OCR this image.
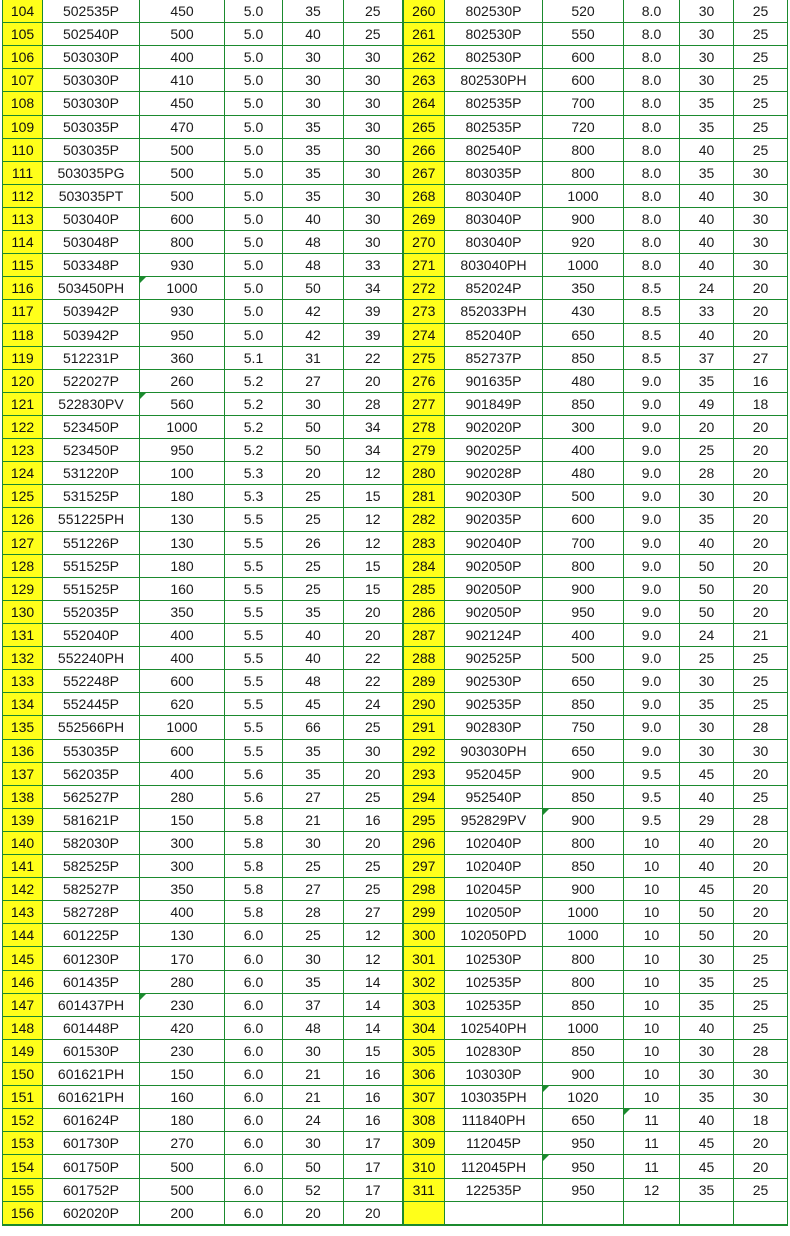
104	502535P	450	5.0	35	25	260	802530P	520	8.0	30	25
105	502540P	500	5.0	40	25	261	802530P	550	8.0	30	25
106	503030P	400	5.0	30	30	262	802530P	600	8.0	30	25
107	503030P	410	5.0	30	30	263	802530PH	600	8.0	30	25
108	503030P	450	5.0	30	30	264	802535P	700	8.0	35	25
109	503035P	470	5.0	35	30	265	802535P	720	8.0	35	25
110	503035P	500	5.0	35	30	266	802540P	800	8.0	40	25
111	503035PG	500	5.0	35	30	267	803035P	800	8.0	35	30
112	503035PT	500	5.0	35	30	268	803040P	1000	8.0	40	30
113	503040P	600	5.0	40	30	269	803040P	900	8.0	40	30
114	503048P	800	5.0	48	30	270	803040P	920	8.0	40	30
115	503348P	930	5.0	48	33	271	803040PH	1000	8.0	40	30
116	503450PH	1000	5.0	50	34	272	852024P	350	8.5	24	20
117	503942P	930	5.0	42	39	273	852033PH	430	8.5	33	20
118	503942P	950	5.0	42	39	274	852040P	650	8.5	40	20
119	512231P	360	5.1	31	22	275	852737P	850	8.5	37	27
120	522027P	260	5.2	27	20	276	901635P	480	9.0	35	16
121	522830PV	560	5.2	30	28	277	901849P	850	9.0	49	18
122	523450P	1000	5.2	50	34	278	902020P	300	9.0	20	20
123	523450P	950	5.2	50	34	279	902025P	400	9.0	25	20
124	531220P	100	5.3	20	12	280	902028P	480	9.0	28	20
125	531525P	180	5.3	25	15	281	902030P	500	9.0	30	20
126	551225PH	130	5.5	25	12	282	902035P	600	9.0	35	20
127	551226P	130	5.5	26	12	283	902040P	700	9.0	40	20
128	551525P	180	5.5	25	15	284	902050P	800	9.0	50	20
129	551525P	160	5.5	25	15	285	902050P	900	9.0	50	20
130	552035P	350	5.5	35	20	286	902050P	950	9.0	50	20
131	552040P	400	5.5	40	20	287	902124P	400	9.0	24	21
132	552240PH	400	5.5	40	22	288	902525P	500	9.0	25	25
133	552248P	600	5.5	48	22	289	902530P	650	9.0	30	25
134	552445P	620	5.5	45	24	290	902535P	850	9.0	35	25
135	552566PH	1000	5.5	66	25	291	902830P	750	9.0	30	28
136	553035P	600	5.5	35	30	292	903030PH	650	9.0	30	30
137	562035P	400	5.6	35	20	293	952045P	900	9.5	45	20
138	562527P	280	5.6	27	25	294	952540P	850	9.5	40	25
139	581621P	150	5.8	21	16	295	952829PV	900	9.5	29	28
140	582030P	300	5.8	30	20	296	102040P	800	10	40	20
141	582525P	300	5.8	25	25	297	102040P	850	10	40	20
142	582527P	350	5.8	27	25	298	102045P	900	10	45	20
143	582728P	400	5.8	28	27	299	102050P	1000	10	50	20
144	601225P	130	6.0	25	12	300	102050PD	1000	10	50	20
145	601230P	170	6.0	30	12	301	102530P	800	10	30	25
146	601435P	280	6.0	35	14	302	102535P	800	10	35	25
147	601437PH	230	6.0	37	14	303	102535P	850	10	35	25
148	601448P	420	6.0	48	14	304	102540PH	1000	10	40	25
149	601530P	230	6.0	30	15	305	102830P	850	10	30	28
150	601621PH	150	6.0	21	16	306	103030P	900	10	30	30
151	601621PH	160	6.0	21	16	307	103035PH	1020	10	35	30
152	601624P	180	6.0	24	16	308	111840PH	650	11	40	18
153	601730P	270	6.0	30	17	309	112045P	950	11	45	20
154	601750P	500	6.0	50	17	310	112045PH	950	11	45	20
155	601752P	500	6.0	52	17	311	122535P	950	12	35	25
156	602020P	200	6.0	20	20						
